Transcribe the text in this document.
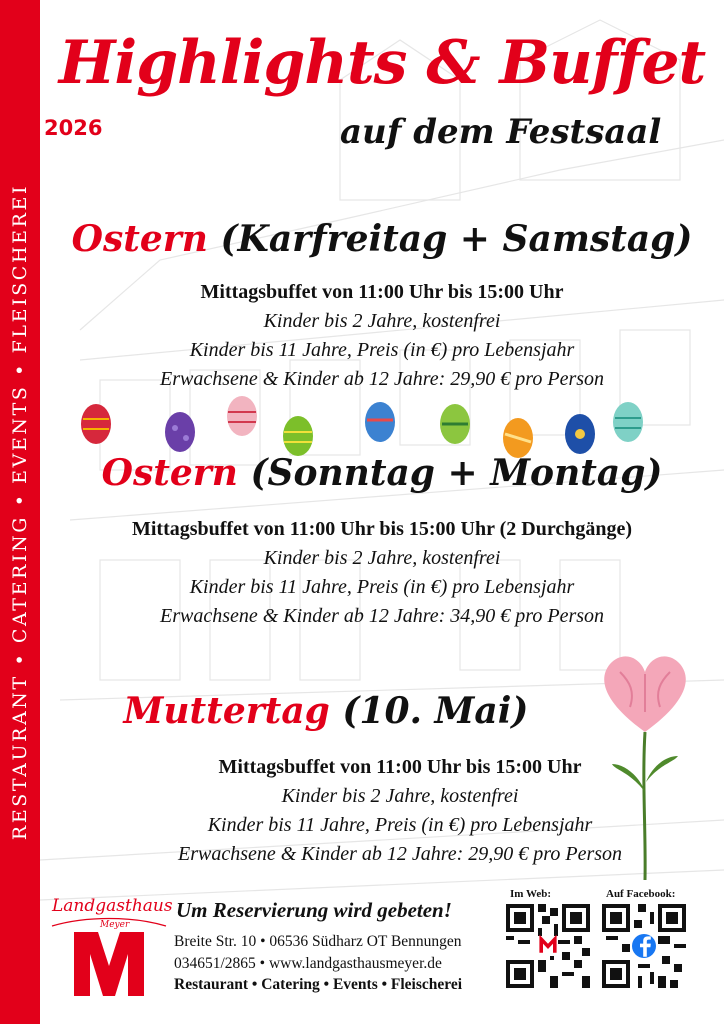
RESTAURANT • CATERING • EVENTS • FLEISCHEREI
Highlights & Buffet
2026	auf dem Festsaal
Ostern (Karfreitag + Samstag)
Mittagsbuffet von 11:00 Uhr bis 15:00 Uhr
Kinder bis 2 Jahre, kostenfrei
Kinder bis 11 Jahre, Preis (in €) pro Lebensjahr
Erwachsene & Kinder ab 12 Jahre: 29,90 € pro Person
Ostern (Sonntag + Montag)
Mittagsbuffet von 11:00 Uhr bis 15:00 Uhr (2 Durchgänge)
Kinder bis 2 Jahre, kostenfrei
Kinder bis 11 Jahre, Preis (in €) pro Lebensjahr
Erwachsene & Kinder ab 12 Jahre: 34,90 € pro Person
Muttertag (10. Mai)
Mittagsbuffet von 11:00 Uhr bis 15:00 Uhr
Kinder bis 2 Jahre, kostenfrei
Kinder bis 11 Jahre, Preis (in €) pro Lebensjahr
Erwachsene & Kinder ab 12 Jahre: 29,90 € pro Person
Landgasthaus
Meyer
Um Reservierung wird gebeten!
Breite Str. 10 • 06536 Südharz OT Bennungen
034651/2865 • www.landgasthausmeyer.de
Restaurant • Catering • Events • Fleischerei
Im Web:	Auf Facebook:
